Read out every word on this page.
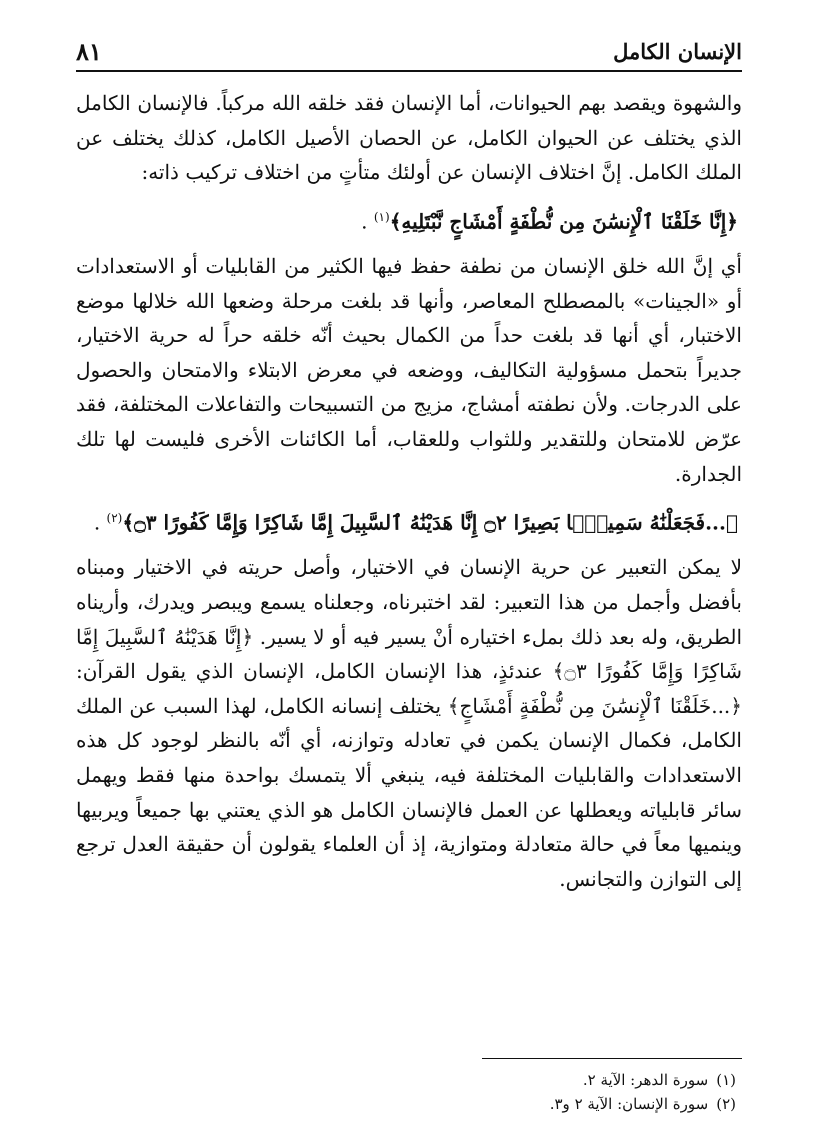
الإنسان الكامل
٨١

والشهوة ويقصد بهم الحيوانات، أما الإنسان فقد خلقه الله مركباً. فالإنسان الكامل الذي يختلف عن الحيوان الكامل، عن الحصان الأصيل الكامل، كذلك يختلف عن الملك الكامل. إنَّ اختلاف الإنسان عن أولئك متأتٍ من اختلاف تركيب ذاته:

﴿إِنَّا خَلَقْنَا ٱلْإِنسَٰنَ مِن نُّطْفَةٍ أَمْشَاجٍ نَّبْتَلِيهِ﴾$^{(١)}$ .

أي إنَّ الله خلق الإنسان من نطفة حفظ فيها الكثير من القابليات أو الاستعدادات أو «الجينات» بالمصطلح المعاصر، وأنها قد بلغت مرحلة وضعها الله خلالها موضع الاختبار، أي أنها قد بلغت حداً من الكمال بحيث أنّه خلقه حراً له حرية الاختيار، جديراً بتحمل مسؤولية التكاليف، ووضعه في معرض الابتلاء والامتحان والحصول على الدرجات. ولأن نطفته أمشاج، مزيج من التسبيحات والتفاعلات المختلفة، فقد عرّض للامتحان وللتقدير وللثواب وللعقاب، أما الكائنات الأخرى فليست لها تلك الجدارة.

﴿...فَجَعَلْنَٰهُ سَمِيعًۢا بَصِيرًا ۝٢ إِنَّا هَدَيْنَٰهُ ٱلسَّبِيلَ إِمَّا شَاكِرًا وَإِمَّا كَفُورًا ۝٣﴾$^{(٢)}$ .

لا يمكن التعبير عن حرية الإنسان في الاختيار، وأصل حريته في الاختيار ومبناه بأفضل وأجمل من هذا التعبير: لقد اختبرناه، وجعلناه يسمع ويبصر ويدرك، وأريناه الطريق، وله بعد ذلك بملء اختياره أنْ يسير فيه أو لا يسير. ﴿إِنَّا هَدَيْنَٰهُ ٱلسَّبِيلَ إِمَّا شَاكِرًا وَإِمَّا كَفُورًا ۝٣﴾ عندئذٍ، هذا الإنسان الكامل، الإنسان الذي يقول القرآن: ﴿...خَلَقْنَا ٱلْإِنسَٰنَ مِن نُّطْفَةٍ أَمْشَاجٍ﴾ يختلف إنسانه الكامل، لهذا السبب عن الملك الكامل، فكمال الإنسان يكمن في تعادله وتوازنه، أي أنّه بالنظر لوجود كل هذه الاستعدادات والقابليات المختلفة فيه، ينبغي ألا يتمسك بواحدة منها فقط ويهمل سائر قابلياته ويعطلها عن العمل فالإنسان الكامل هو الذي يعتني بها جميعاً ويربيها وينميها معاً في حالة متعادلة ومتوازية، إذ أن العلماء يقولون أن حقيقة العدل ترجع إلى التوازن والتجانس.

(١)
سورة الدهر: الآية ٢.
(٢)
سورة الإنسان: الآية ٢ و٣.
